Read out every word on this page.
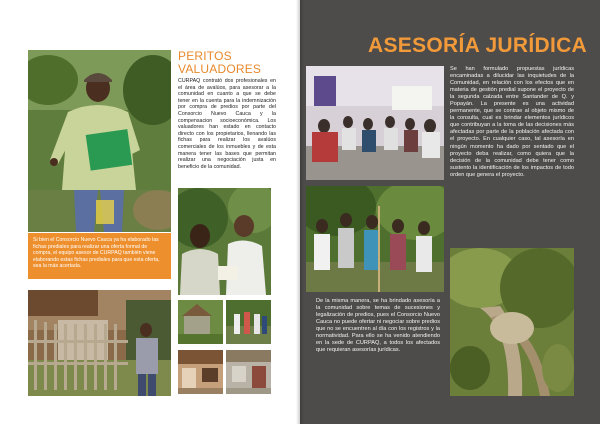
Si bien el Consorcio Nuevo Cauca ya ha elaborado las fichas prediales para realizar una oferta formal de compra, el equipo asesor de CURPAQ también viene elaborando estas fichas prediales para que esta oferta, sea la más acertada.

PERITOS
VALUADORES

CURPAQ contrató dos profesionales en el área de avalúos, para asesorar a la comunidad en cuanto a que se debe tener en la cuenta para la indemnización por compra de predios por parte del Consorcio Nuevo Cauca y la compensacion socioeconómica. Los valuadores han estado en contacto directo con los propietarios, llenando las fichas para realizar los avalúos comerciales de los inmuebles y de esta manera tener las bases que permitan realizar una negociación justa en beneficio de la comunidad.

ASESORÍA JURÍDICA

Se han formulado propuestas jurídicas encaminadas a dilucidar las inquietudes de la Comunidad, en relación con los efectos que en materia de gestión predial supone el proyecto de la segunda calzada entre Santander de Q. y Popayán. La presente es una actividad permanente, que se contrae al objeto mismo de la consulta, cual es brindar elementos jurídicos que contribuyan a la toma de las decisiones más afectadas por parte de la población afectada con el proyecto. En cualquier caso, tal asesoría en ningún momento ha dado por sentado que el proyecto deba realizar, como quiera que la decisión de la comunidad debe tener como sustento la identificación de los impactos de todo orden que genera el proyecto.

De la misma manera, se ha brindado asesoría a la comunidad sobre temas de sucesiones y legalización de predios, pues el Consorcio Nuevo Cauca no puede ofertar ni negociar sobre predios que no se encuentren al día con los registros y la normatividad. Para ello se ha venido atendiendo en la sede de CURPAQ, a todos los afectados que requieran asesorías jurídicas.
